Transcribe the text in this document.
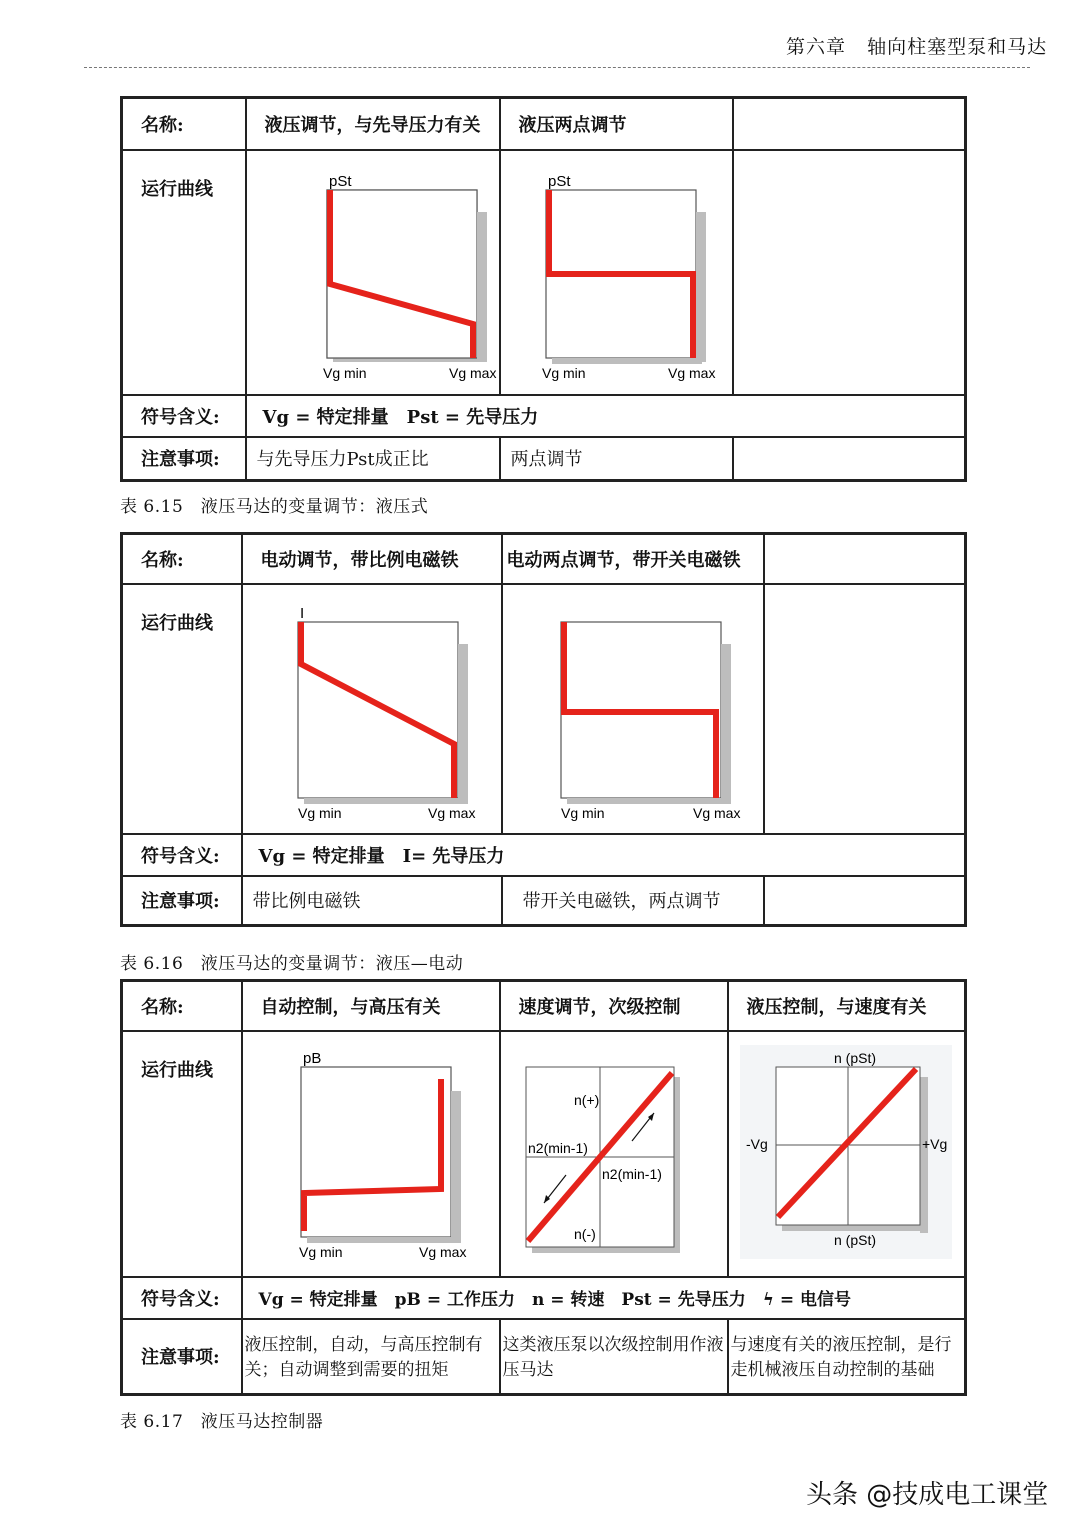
第六章 轴向柱塞型泵和马达
名称:	液压调节，与先导压力有关	液压两点调节	
运行曲线	pSt
Vg min Vg max	pSt
Vg min Vg max	

符号含义:	Vg = 特定排量　Pst = 先导压力		
注意事项:	与先导压力Pst成正比	两点调节	
表 6.15　液压马达的变量调节：液压式
名称:	电动调节，带比例电磁铁	电动两点调节，带开关电磁铁	
运行曲线	I
Vg min Vg max	Vg min Vg max	

符号含义:	Vg = 特定排量　I= 先导压力		
注意事项:	带比例电磁铁	带开关电磁铁，两点调节	
表 6.16　液压马达的变量调节：液压—电动
名称:	自动控制，与高压有关	速度调节，次级控制	液压控制，与速度有关
运行曲线	pB
Vg min Vg max	n(+)
n2(min-1)
n2(min-1)
n(-)	n (pSt)
n (pSt)
-Vg +Vg

符号含义:	Vg = 特定排量　pB = 工作压力　n = 转速　Pst = 先导压力　ϟ = 电信号		
注意事项:	液压控制，自动，与高压控制有关；自动调整到需要的扭矩	这类液压泵以次级控制用作液压马达	与速度有关的液压控制，是行走机械液压自动控制的基础
表 6.17　液压马达控制器
头条 @技成电工课堂
